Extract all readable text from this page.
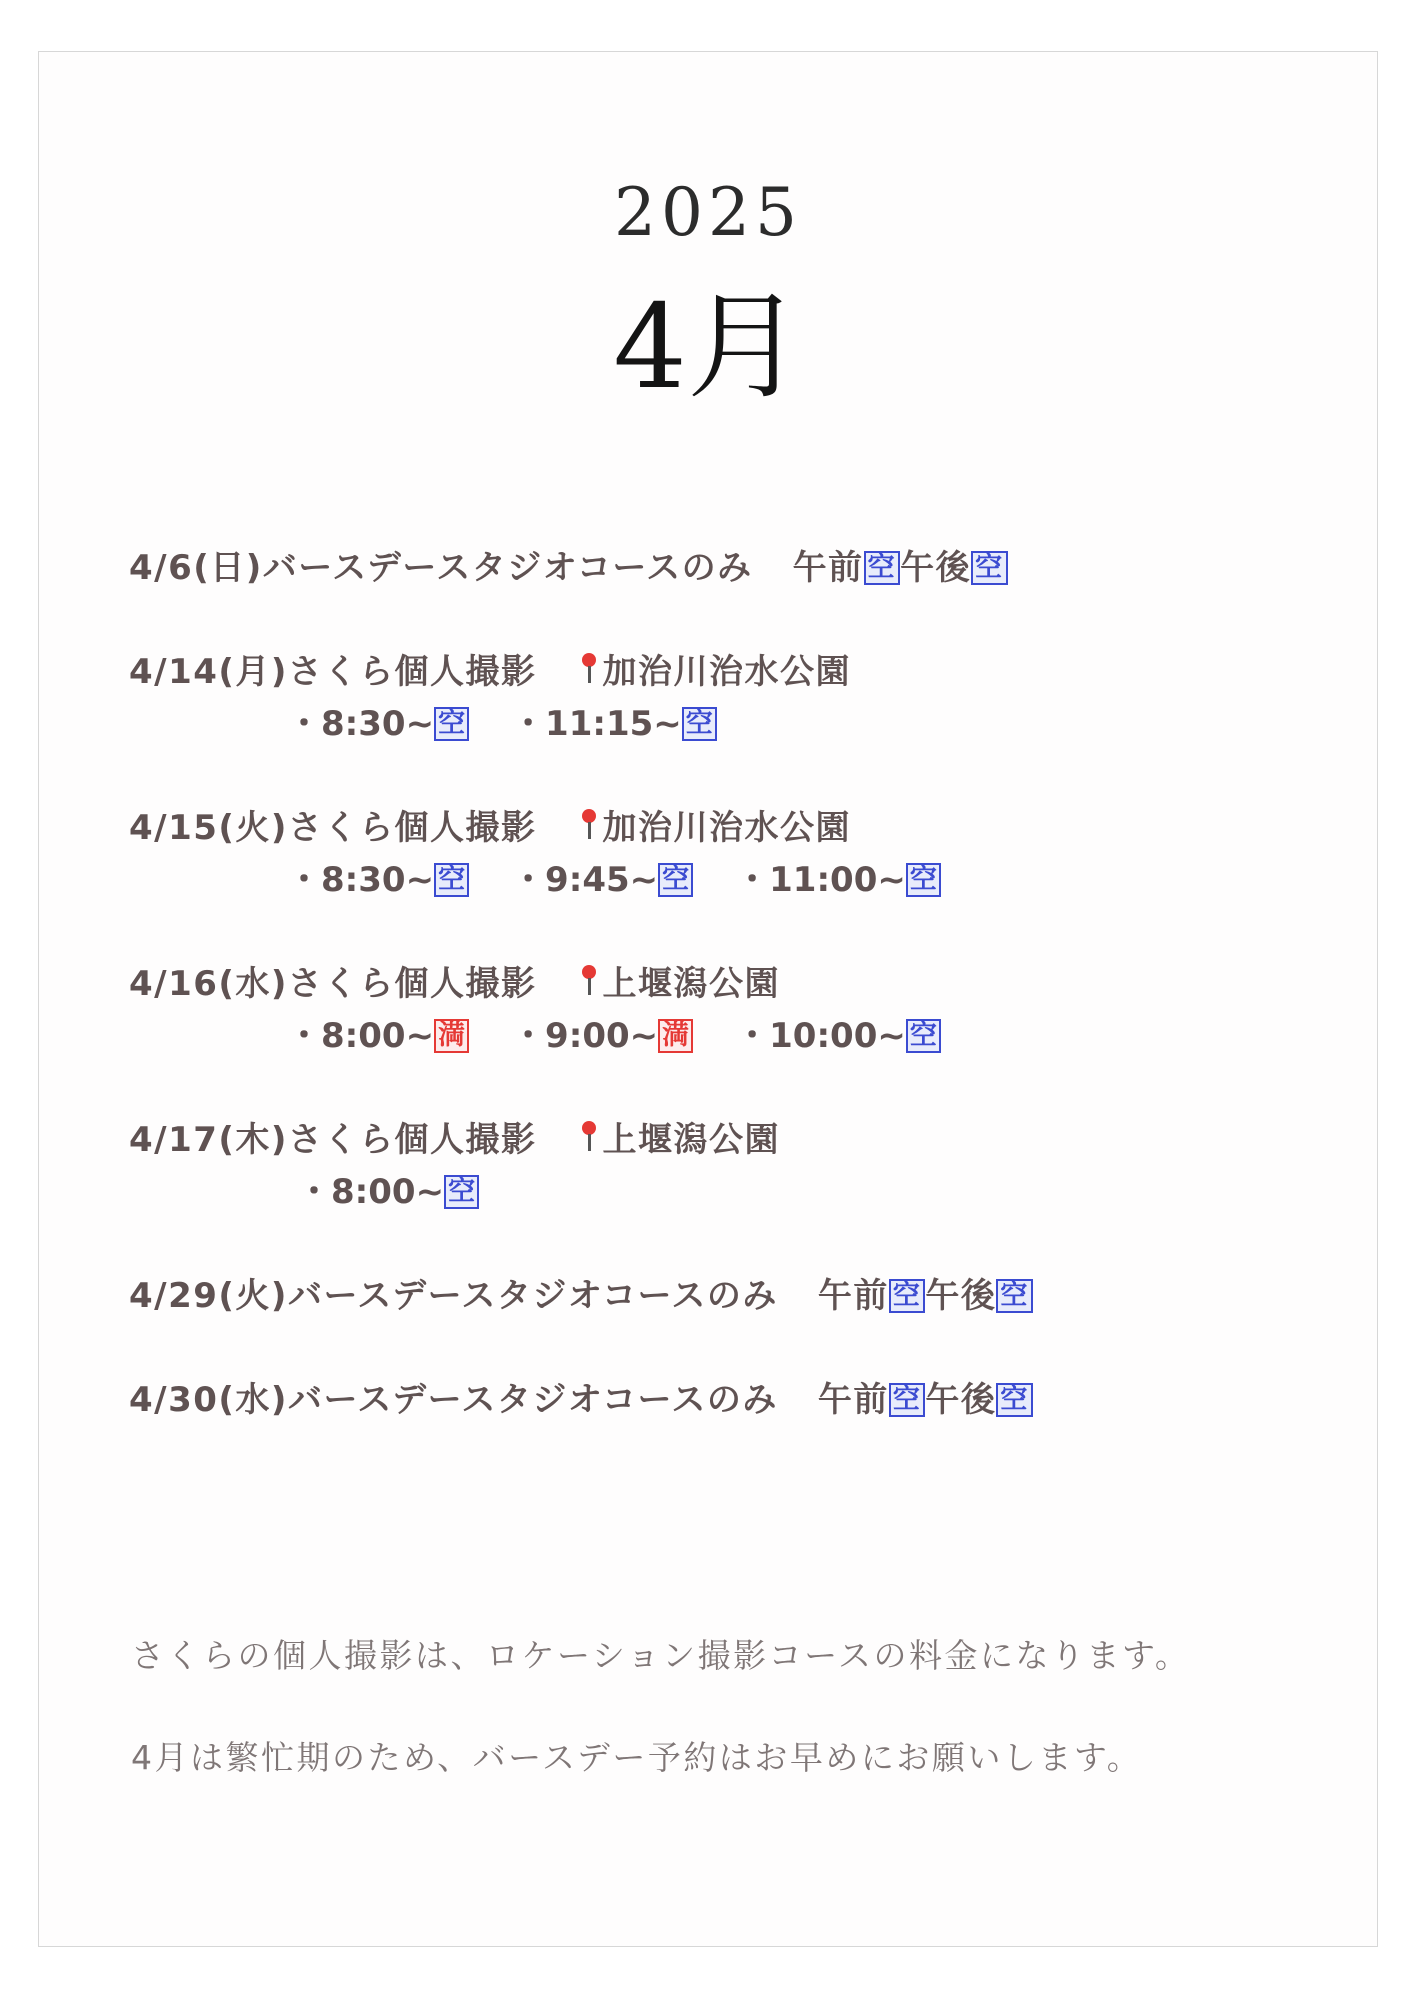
2025
4月
4/6(日)バースデースタジオコースのみ 午前 空 午後 空
4/14(月)さくら個人撮影 加治川治水公園
・8:30~ 空 ・11:15~ 空
4/15(火)さくら個人撮影 加治川治水公園
・8:30~ 空 ・9:45~ 空 ・11:00~ 空
4/16(水)さくら個人撮影 上堰潟公園
・8:00~ 満 ・9:00~ 満 ・10:00~ 空
4/17(木)さくら個人撮影 上堰潟公園
・8:00~ 空
4/29(火)バースデースタジオコースのみ 午前 空 午後 空
4/30(水)バースデースタジオコースのみ 午前 空 午後 空
さくらの個人撮影は、ロケーション撮影コースの料金になります。
4月は繁忙期のため、バースデー予約はお早めにお願いします。
